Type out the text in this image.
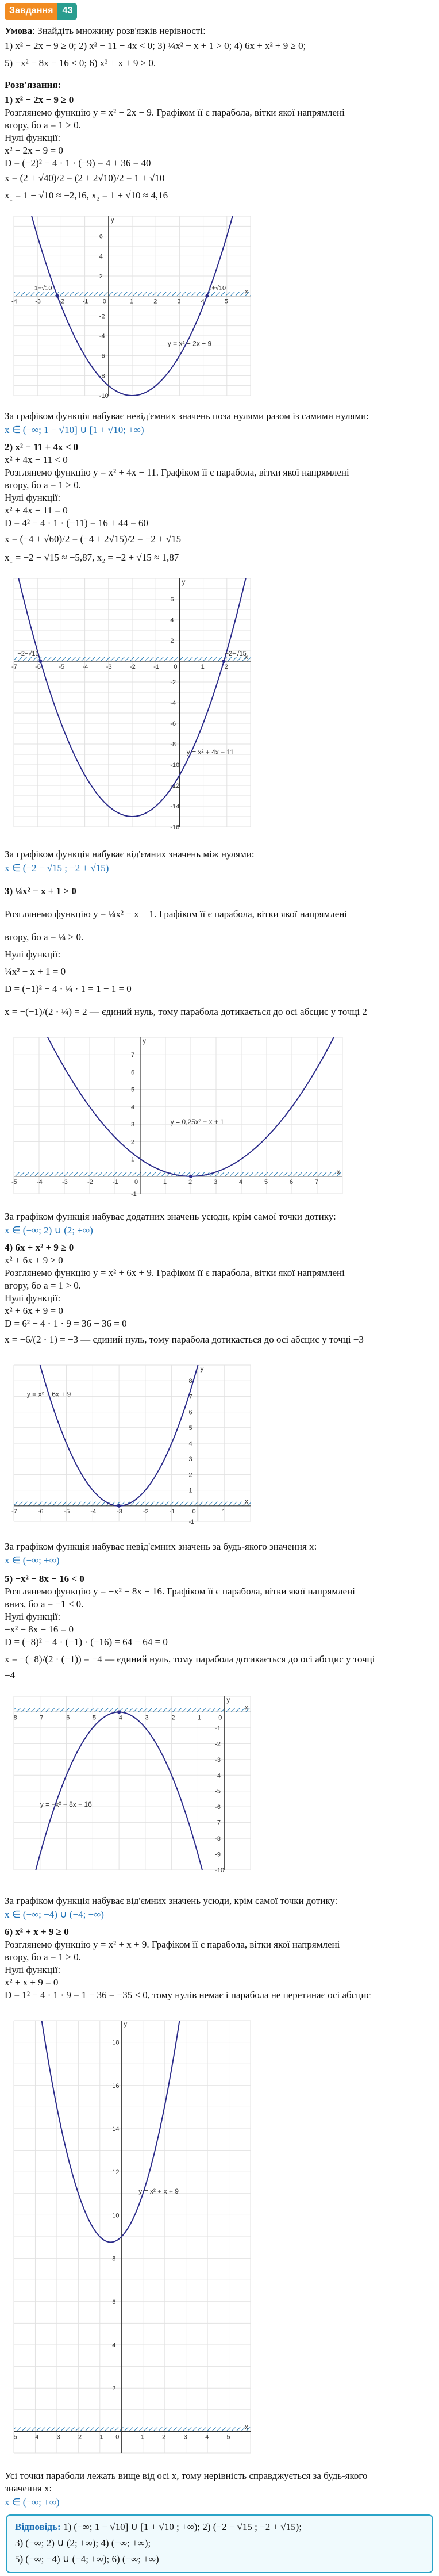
Завдання	43
Умова: Знайдіть множину розв'язків нерівності:
1) x² − 2x − 9 ≥ 0; 2) x² − 11 + 4x < 0; 3) ¼x² − x + 1 > 0; 4) 6x + x² + 9 ≥ 0;
5) −x² − 8x − 16 < 0; 6) x² + x + 9 ≥ 0.
Розв'язання:
1) x² − 2x − 9 ≥ 0
Розглянемо функцію y = x² − 2x − 9. Графіком її є парабола, вітки якої напрямлені
вгору, бо a = 1 > 0.
Нулі функції:
x² − 2x − 9 = 0
D = (−2)² − 4 · 1 · (−9) = 4 + 36 = 40
x = (2 ± √40)/2 = (2 ± 2√10)/2 = 1 ± √10
x₁ = 1 − √10 ≈ −2,16, x₂ = 1 + √10 ≈ 4,16
x
y
-4	-3	-2	-1	1	2	3	4	5
-10
-8
-6
-4
-2
2
4
6
0
1−√10	1+√10
y = x² − 2x − 9
За графіком функція набуває невід'ємних значень поза нулями разом із самими нулями:
x ∈ (−∞; 1 − √10] ∪ [1 + √10; +∞)
2) x² − 11 + 4x < 0
x² + 4x − 11 < 0
Розглянемо функцію y = x² + 4x − 11. Графіком її є парабола, вітки якої напрямлені
вгору, бо a = 1 > 0.
Нулі функції:
x² + 4x − 11 = 0
D = 4² − 4 · 1 · (−11) = 16 + 44 = 60
x = (−4 ± √60)/2 = (−4 ± 2√15)/2 = −2 ± √15
x₁ = −2 − √15 ≈ −5,87, x₂ = −2 + √15 ≈ 1,87
x
y
-7	-6	-5	-4	-3	-2	-1	1	2
-16
-14
-12
-10
-8
-6
-4
-2
2
4
6
0
−2−√15	−2+√15
y = x² + 4x − 11
За графіком функція набуває від'ємних значень між нулями:
x ∈ (−2 − √15 ; −2 + √15)
3) ¼x² − x + 1 > 0
Розглянемо функцію y = ¼x² − x + 1. Графіком її є парабола, вітки якої напрямлені
вгору, бо a = ¼ > 0.
Нулі функції:
¼x² − x + 1 = 0
D = (−1)² − 4 · ¼ · 1 = 1 − 1 = 0
x = −(−1)/(2 · ¼) = 2 — єдиний нуль, тому парабола дотикається до осі абсцис у точці 2
x
y
-5	-4	-3	-2	-1	1	2	3	4	5	6	7
-1
1
2
3
4
5
6
7
0
y = 0,25x² − x + 1
За графіком функція набуває додатних значень усюди, крім самої точки дотику:
x ∈ (−∞; 2) ∪ (2; +∞)
4) 6x + x² + 9 ≥ 0
x² + 6x + 9 ≥ 0
Розглянемо функцію y = x² + 6x + 9. Графіком її є парабола, вітки якої напрямлені
вгору, бо a = 1 > 0.
Нулі функції:
x² + 6x + 9 = 0
D = 6² − 4 · 1 · 9 = 36 − 36 = 0
x = −6/(2 · 1) = −3 — єдиний нуль, тому парабола дотикається до осі абсцис у точці −3
x
y
-7	-6	-5	-4	-3	-2	-1	1
-1
1
2
3
4
5
6
7
8
0
y = x² + 6x + 9
За графіком функція набуває невід'ємних значень за будь-якого значення x:
x ∈ (−∞; +∞)
5) −x² − 8x − 16 < 0
Розглянемо функцію y = −x² − 8x − 16. Графіком її є парабола, вітки якої напрямлені
вниз, бо a = −1 < 0.
Нулі функції:
−x² − 8x − 16 = 0
D = (−8)² − 4 · (−1) · (−16) = 64 − 64 = 0
x = −(−8)/(2 · (−1)) = −4 — єдиний нуль, тому парабола дотикається до осі абсцис у точці
−4
x
y
-8	-7	-6	-5	-4	-3	-2	-1
-10
-9
-8
-7
-6
-5
-4
-3
-2
-1
0
y = −x² − 8x − 16
За графіком функція набуває від'ємних значень усюди, крім самої точки дотику:
x ∈ (−∞; −4) ∪ (−4; +∞)
6) x² + x + 9 ≥ 0
Розглянемо функцію y = x² + x + 9. Графіком її є парабола, вітки якої напрямлені
вгору, бо a = 1 > 0.
Нулі функції:
x² + x + 9 = 0
D = 1² − 4 · 1 · 9 = 1 − 36 = −35 < 0, тому нулів немає і парабола не перетинає осі абсцис
x
y
-5	-4	-3	-2	-1	1	2	3	4	5
2
4
6
8
10
12
14
16
18
0
y = x² + x + 9
Усі точки параболи лежать вище від осі x, тому нерівність справджується за будь-якого
значення x:
x ∈ (−∞; +∞)
Відповідь: 1) (−∞; 1 − √10] ∪ [1 + √10 ; +∞); 2) (−2 − √15 ; −2 + √15);
3) (−∞; 2) ∪ (2; +∞); 4) (−∞; +∞);
5) (−∞; −4) ∪ (−4; +∞); 6) (−∞; +∞)
